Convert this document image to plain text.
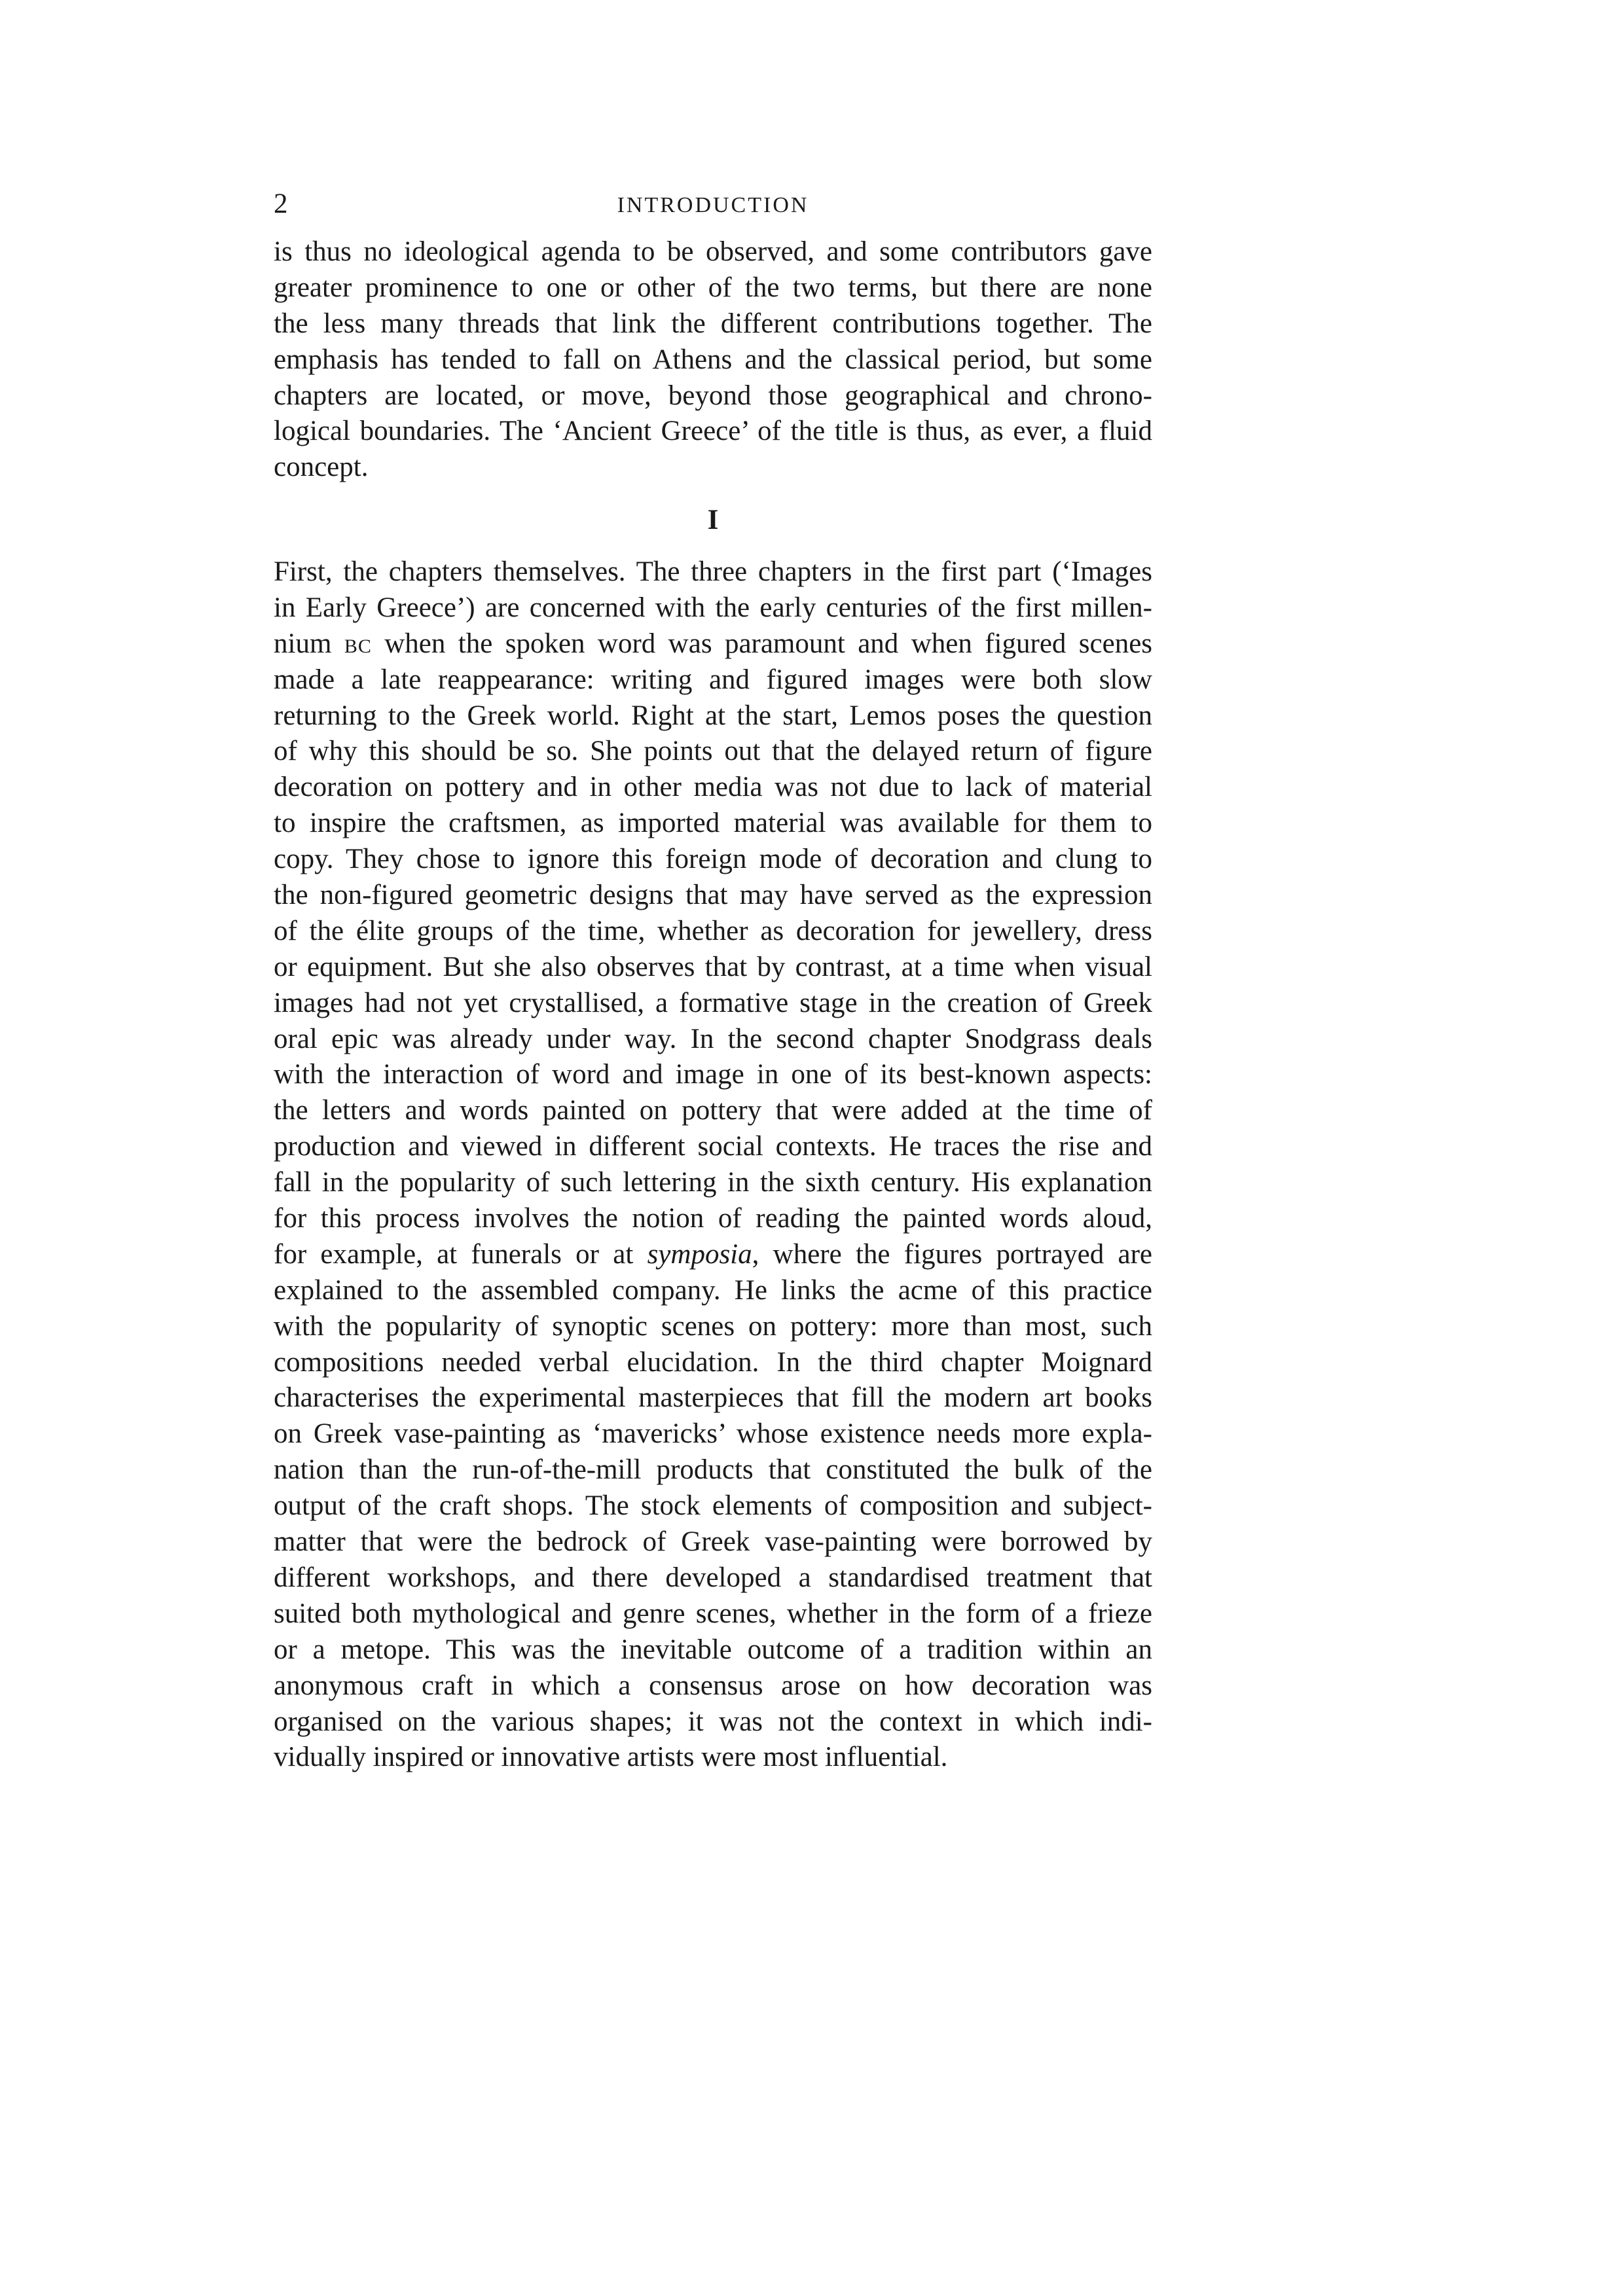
2	INTRODUCTION
is thus no ideological agenda to be observed, and some contributors gave
greater prominence to one or other of the two terms, but there are none
the less many threads that link the different contributions together. The
emphasis has tended to fall on Athens and the classical period, but some
chapters are located, or move, beyond those geographical and chrono-
logical boundaries. The ‘Ancient Greece’ of the title is thus, as ever, a fluid
concept.
I
First, the chapters themselves. The three chapters in the first part (‘Images
in Early Greece’) are concerned with the early centuries of the first millen-
nium BC when the spoken word was paramount and when figured scenes
made a late reappearance: writing and figured images were both slow
returning to the Greek world. Right at the start, Lemos poses the question
of why this should be so. She points out that the delayed return of figure
decoration on pottery and in other media was not due to lack of material
to inspire the craftsmen, as imported material was available for them to
copy. They chose to ignore this foreign mode of decoration and clung to
the non-figured geometric designs that may have served as the expression
of the élite groups of the time, whether as decoration for jewellery, dress
or equipment. But she also observes that by contrast, at a time when visual
images had not yet crystallised, a formative stage in the creation of Greek
oral epic was already under way. In the second chapter Snodgrass deals
with the interaction of word and image in one of its best-known aspects:
the letters and words painted on pottery that were added at the time of
production and viewed in different social contexts. He traces the rise and
fall in the popularity of such lettering in the sixth century. His explanation
for this process involves the notion of reading the painted words aloud,
for example, at funerals or at symposia, where the figures portrayed are
explained to the assembled company. He links the acme of this practice
with the popularity of synoptic scenes on pottery: more than most, such
compositions needed verbal elucidation. In the third chapter Moignard
characterises the experimental masterpieces that fill the modern art books
on Greek vase-painting as ‘mavericks’ whose existence needs more expla-
nation than the run-of-the-mill products that constituted the bulk of the
output of the craft shops. The stock elements of composition and subject-
matter that were the bedrock of Greek vase-painting were borrowed by
different workshops, and there developed a standardised treatment that
suited both mythological and genre scenes, whether in the form of a frieze
or a metope. This was the inevitable outcome of a tradition within an
anonymous craft in which a consensus arose on how decoration was
organised on the various shapes; it was not the context in which indi-
vidually inspired or innovative artists were most influential.
